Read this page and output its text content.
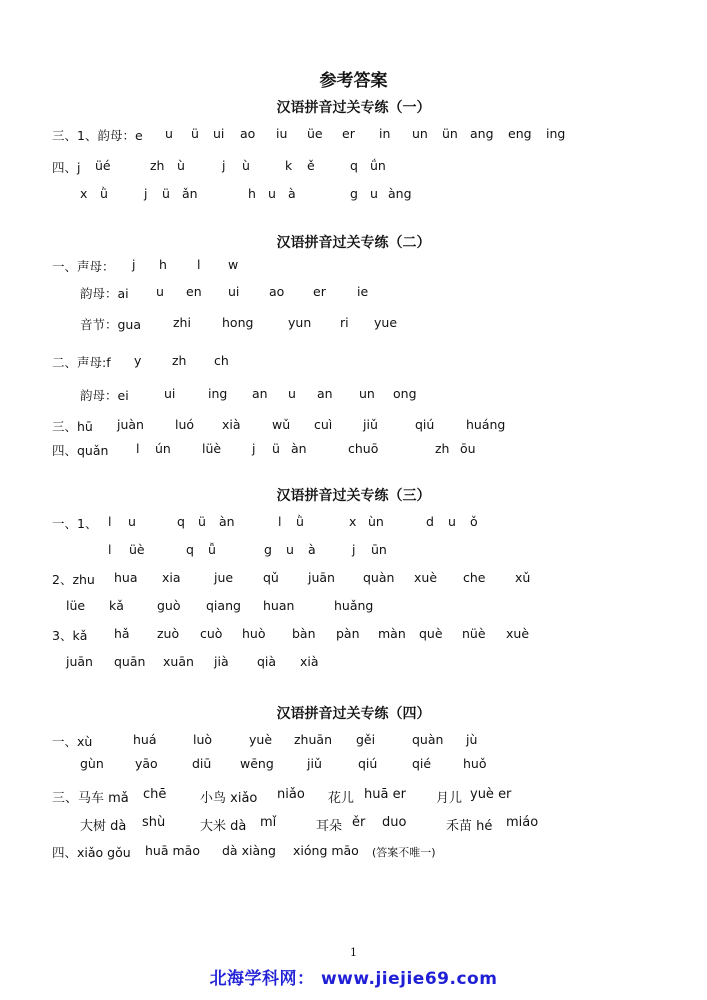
参考答案
汉语拼音过关专练（一）
三、1、韵母：e u ü ui ao iu üe er in un ün ang eng ing
四、j üé	zh ù	j ù	k ě	q ǘn
x ǜ	j ü ǎn	h u à	g u àng
汉语拼音过关专练（二）
一、声母： j h l w
韵母：ai u en ui ao er ie
音节：gua	zhi hong	yun ri yue
二、声母:f y zh ch
韵母：ei	ui	ing an u an un ong
三、hū juàn luó xià	wǔ cuì jiǔ	qiú	huáng
四、quǎn l ún lüè j ü àn	chuō	zh ōu
汉语拼音过关专练（三）
一、1、 l u	q ü àn	l ǜ	x ùn	d u ǒ
l üè	q ǚ	g u à	j ūn
2、zhu hua xia	jue qǔ juān quàn xuè che xǔ
lüe kǎ	guò qiang huan	huǎng
3、kǎ hǎ zuò cuò huò bàn pàn màn què nüè xuè
juān quān xuān jià qià xià
汉语拼音过关专练（四）
一、xù	huá	luò	yuè zhuān gěi	quàn jù
gùn yāo	diū wēng	jiǔ	qiú	qié	huǒ
三、马车 mǎ chē	小鸟 xiǎo niǎo 花儿 huā er 月儿 yuè er
大树 dà shù	大米 dà mǐ	耳朵 ěr duo	禾苗 hé miáo
四、xiǎo gǒu huā māo dà xiàng xióng māo (答案不唯一)
1
北海学科网： www.jiejie69.com
